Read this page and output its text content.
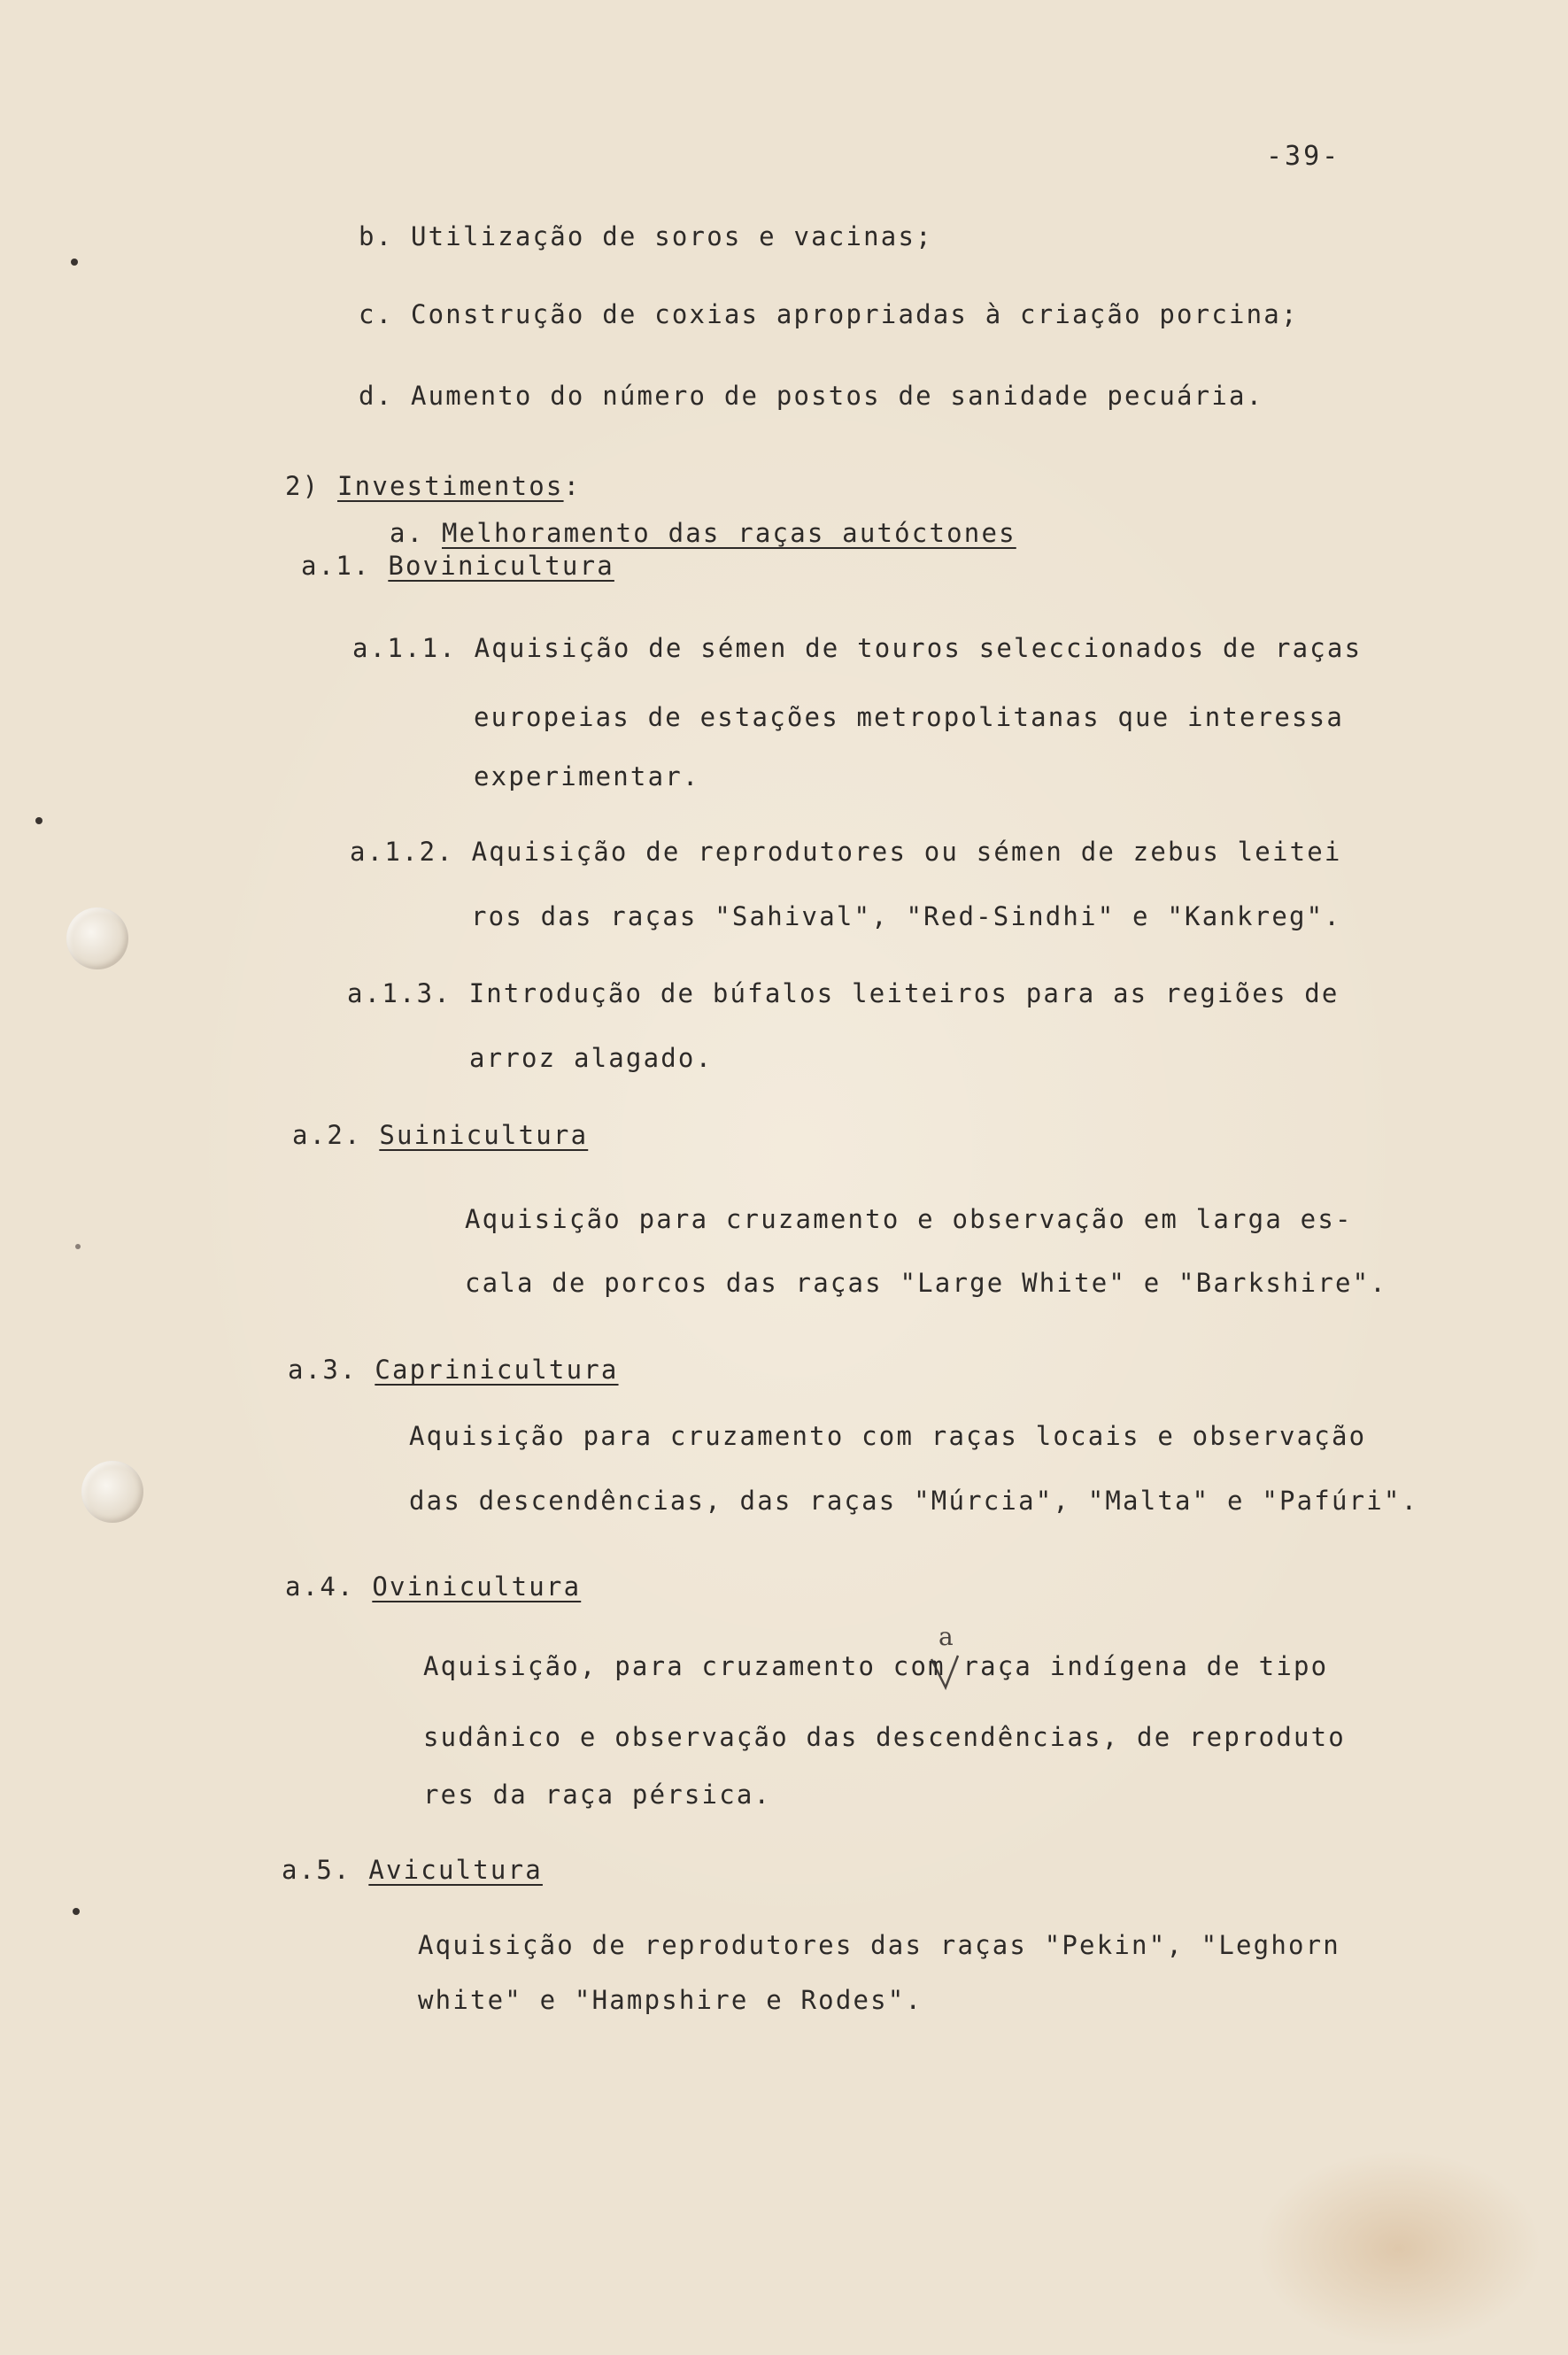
-39-
b. Utilização de soros e vacinas;
c. Construção de coxias apropriadas à criação porcina;
d. Aumento do número de postos de sanidade pecuária.
2) Investimentos:
a. Melhoramento das raças autóctones
a.1. Bovinicultura
a.1.1. Aquisição de sémen de touros seleccionados de raças
europeias de estações metropolitanas que interessa
experimentar.
a.1.2. Aquisição de reprodutores ou sémen de zebus leitei
ros das raças "Sahival", "Red-Sindhi" e "Kankreg".
a.1.3. Introdução de búfalos leiteiros para as regiões de
arroz alagado.
a.2. Suinicultura
Aquisição para cruzamento e observação em larga es-
cala de porcos das raças "Large White" e "Barkshire".
a.3. Caprinicultura
Aquisição para cruzamento com raças locais e observação
das descendências, das raças "Múrcia", "Malta" e "Pafúri".
a.4. Ovinicultura
a
Aquisição, para cruzamento com raça indígena de tipo
sudânico e observação das descendências, de reproduto
res da raça pérsica.
a.5. Avicultura
Aquisição de reprodutores das raças "Pekin", "Leghorn
white" e "Hampshire e Rodes".
